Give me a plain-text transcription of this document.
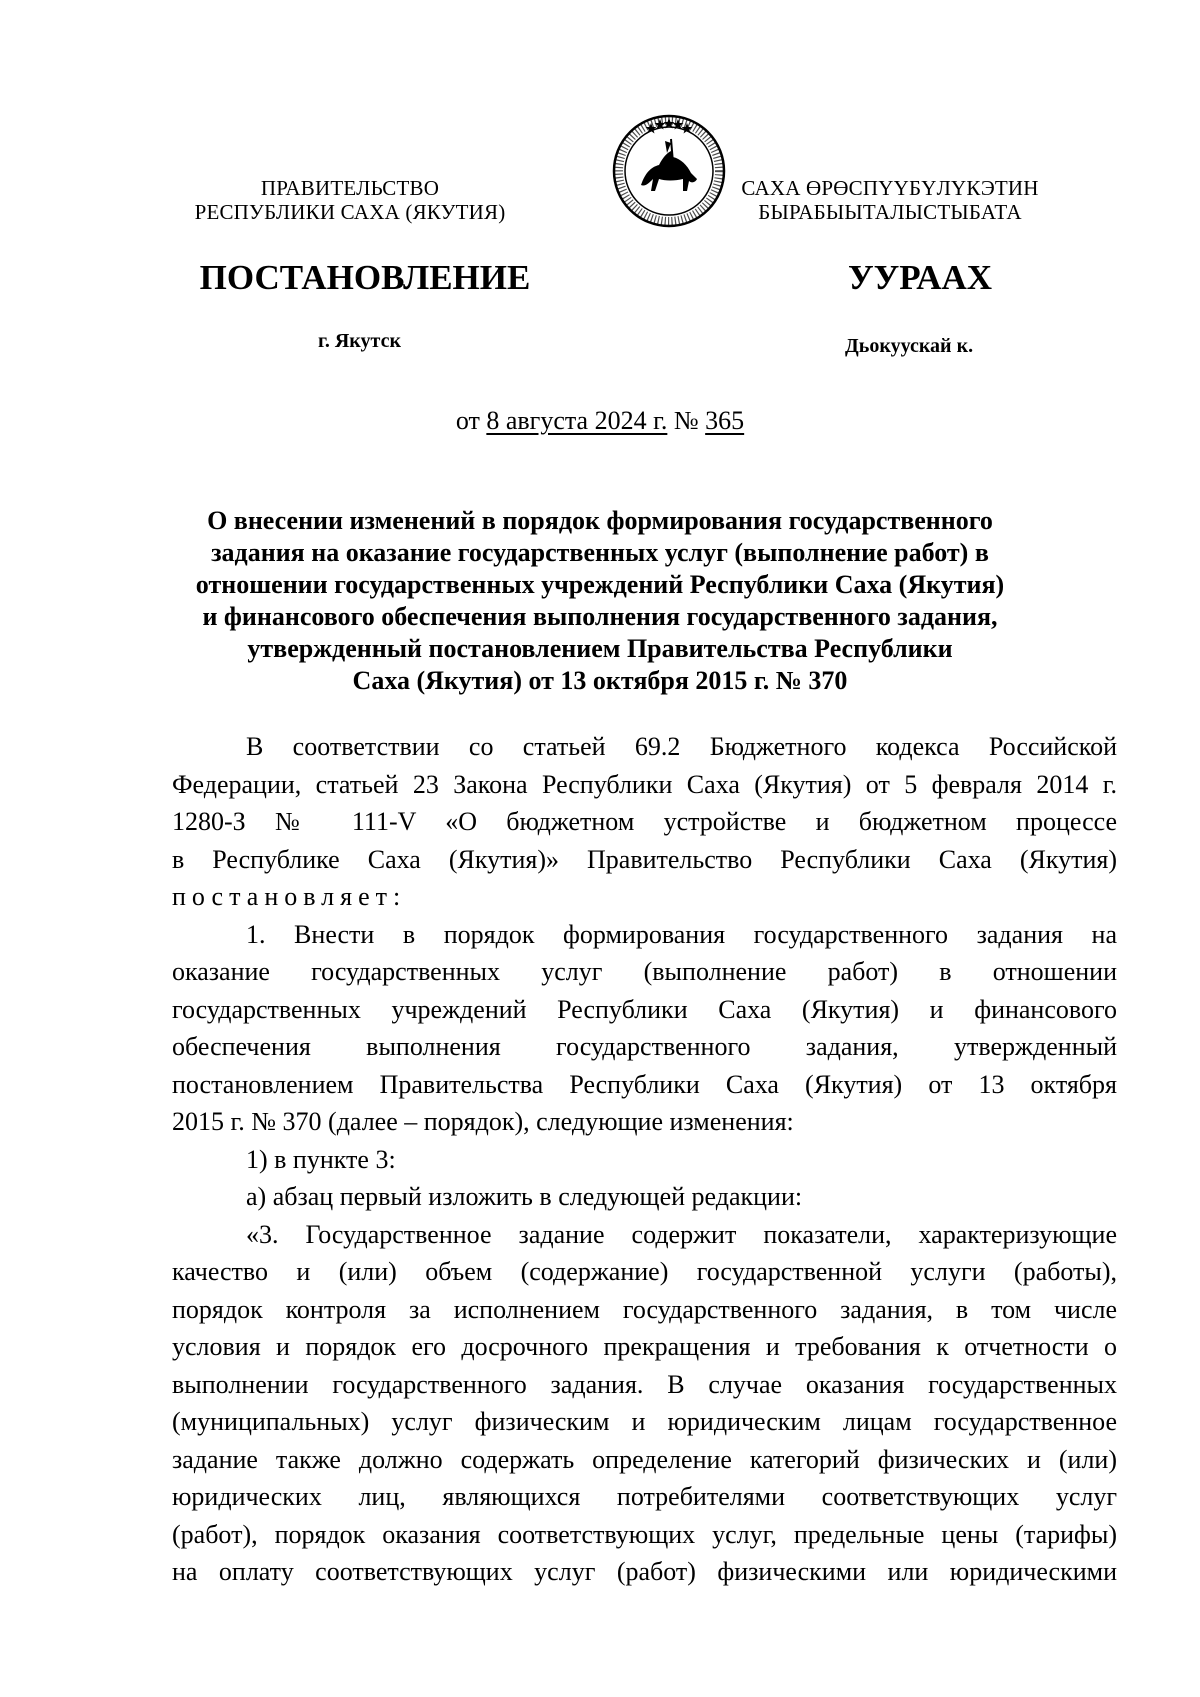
ПРАВИТЕЛЬСТВО
РЕСПУБЛИКИ САХА (ЯКУТИЯ)
САХА ӨРӨСПҮҮБҮЛҮКЭТИН
БЫРАБЫЫТАЛЫСТЫБАТА
ПОСТАНОВЛЕНИЕ	УУРААХ
г. Якутск	Дьокуускай к.
от 8 августа 2024 г. № 365
О внесении изменений в порядок формирования государственного
задания на оказание государственных услуг (выполнение работ) в
отношении государственных учреждений Республики Саха (Якутия)
и финансового обеспечения выполнения государственного задания,
утвержденный постановлением Правительства Республики
Саха (Якутия) от 13 октября 2015 г. № 370

В соответствии со статьей 69.2 Бюджетного кодекса Российской

Федерации, статьей 23 Закона Республики Саха (Якутия) от 5 февраля 2014 г.

1280-З № 111-V «О бюджетном устройстве и бюджетном процессе

в Республике Саха (Якутия)» Правительство Республики Саха (Якутия)

постановляет:

1. Внести в порядок формирования государственного задания на

оказание государственных услуг (выполнение работ) в отношении

государственных учреждений Республики Саха (Якутия) и финансового

обеспечения выполнения государственного задания, утвержденный

постановлением Правительства Республики Саха (Якутия) от 13 октября

2015 г. № 370 (далее – порядок), следующие изменения:

1) в пункте 3:

а) абзац первый изложить в следующей редакции:

«3. Государственное задание содержит показатели, характеризующие

качество и (или) объем (содержание) государственной услуги (работы),

порядок контроля за исполнением государственного задания, в том числе

условия и порядок его досрочного прекращения и требования к отчетности о

выполнении государственного задания. В случае оказания государственных

(муниципальных) услуг физическим и юридическим лицам государственное

задание также должно содержать определение категорий физических и (или)

юридических лиц, являющихся потребителями соответствующих услуг

(работ), порядок оказания соответствующих услуг, предельные цены (тарифы)

на оплату соответствующих услуг (работ) физическими или юридическими
